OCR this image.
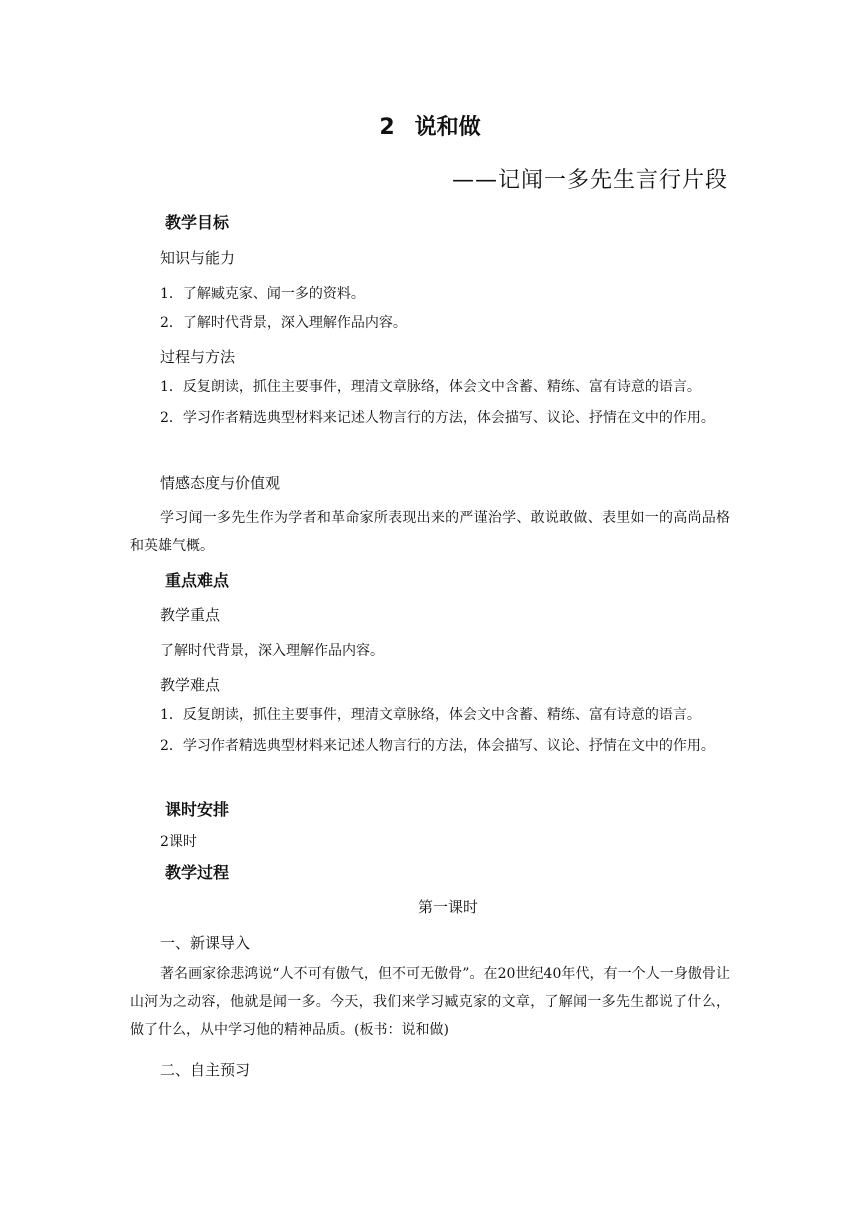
2 说和做
——记闻一多先生言行片段
教学目标
知识与能力
1．了解臧克家、闻一多的资料。
2．了解时代背景，深入理解作品内容。
过程与方法

1．反复朗读，抓住主要事件，理清文章脉络，体会文中含蓄、精练、富有诗意的语言。

2．学习作者精选典型材料来记述人物言行的方法，体会描写、议论、抒情在文中的作用。

情感态度与价值观

学习闻一多先生作为学者和革命家所表现出来的严谨治学、敢说敢做、表里如一的高尚品格和英雄气概。

重点难点
教学重点
了解时代背景，深入理解作品内容。
教学难点

1．反复朗读，抓住主要事件，理清文章脉络，体会文中含蓄、精练、富有诗意的语言。

2．学习作者精选典型材料来记述人物言行的方法，体会描写、议论、抒情在文中的作用。

课时安排
2课时
教学过程
第一课时
一、新课导入

著名画家徐悲鸿说“人不可有傲气，但不可无傲骨”。在20世纪40年代，有一个人一身傲骨让山河为之动容，他就是闻一多。今天，我们来学习臧克家的文章，了解闻一多先生都说了什么，做了什么，从中学习他的精神品质。(板书：说和做)

二、自主预习
